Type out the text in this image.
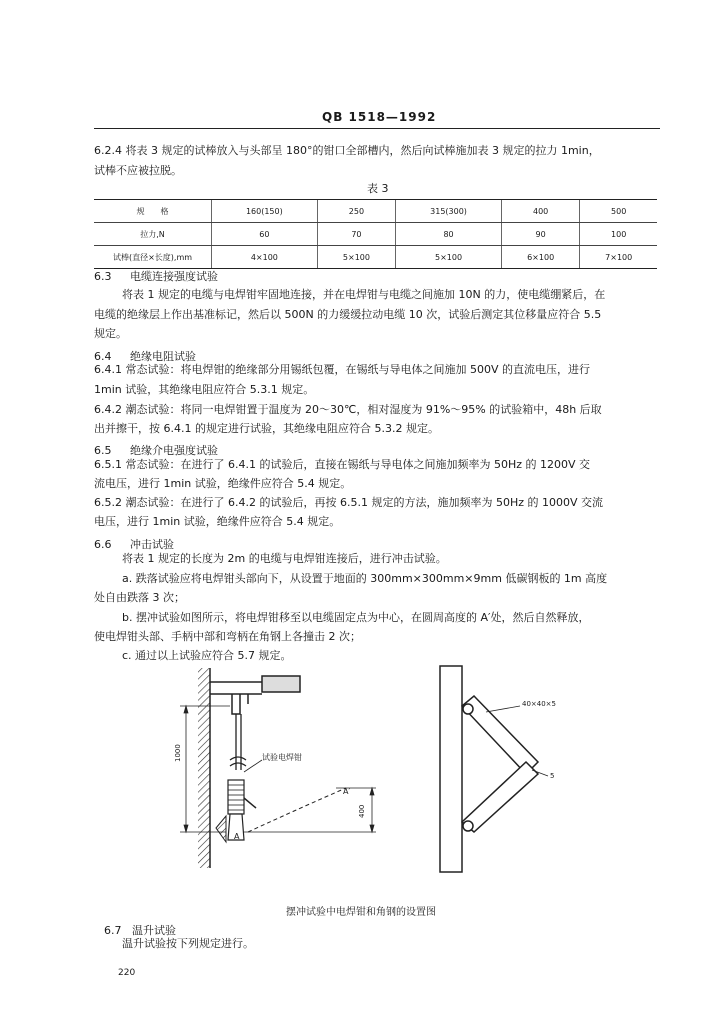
QB 1518—1992
6.2.4 将表 3 规定的试棒放入与头部呈 180°的钳口全部槽内，然后向试棒施加表 3 规定的拉力 1min，
试棒不应被拉脱。
表 3
规　　格	160(150)	250	315(300)	400	500
拉力,N	60	70	80	90	100
试棒(直径×长度),mm	4×100	5×100	5×100	6×100	7×100
6.3 电缆连接强度试验
将表 1 规定的电缆与电焊钳牢固地连接，并在电焊钳与电缆之间施加 10N 的力，使电缆绷紧后，在
电缆的绝缘层上作出基准标记，然后以 500N 的力缓缓拉动电缆 10 次，试验后测定其位移量应符合 5.5
规定。
6.4 绝缘电阻试验
6.4.1 常态试验：将电焊钳的绝缘部分用锡纸包覆，在锡纸与导电体之间施加 500V 的直流电压，进行
1min 试验，其绝缘电阻应符合 5.3.1 规定。
6.4.2 潮态试验：将同一电焊钳置于温度为 20～30℃，相对湿度为 91%～95% 的试验箱中，48h 后取
出并擦干，按 6.4.1 的规定进行试验，其绝缘电阻应符合 5.3.2 规定。
6.5 绝缘介电强度试验
6.5.1 常态试验：在进行了 6.4.1 的试验后，直接在锡纸与导电体之间施加频率为 50Hz 的 1200V 交
流电压，进行 1min 试验，绝缘件应符合 5.4 规定。
6.5.2 潮态试验：在进行了 6.4.2 的试验后，再按 6.5.1 规定的方法，施加频率为 50Hz 的 1000V 交流
电压，进行 1min 试验，绝缘件应符合 5.4 规定。
6.6 冲击试验
将表 1 规定的长度为 2m 的电缆与电焊钳连接后，进行冲击试验。
a. 跌落试验应将电焊钳头部向下，从设置于地面的 300mm×300mm×9mm 低碳钢板的 1m 高度
处自由跌落 3 次；
b. 摆冲试验如图所示，将电焊钳移至以电缆固定点为中心，在圆周高度的 A′处，然后自然释放，
使电焊钳头部、手柄中部和弯柄在角钢上各撞击 2 次；
c. 通过以上试验应符合 5.7 规定。
1000	试验电焊钳
A′
A
400
40×40×5
5
摆冲试验中电焊钳和角钢的设置图
6.7 温升试验
温升试验按下列规定进行。
220
